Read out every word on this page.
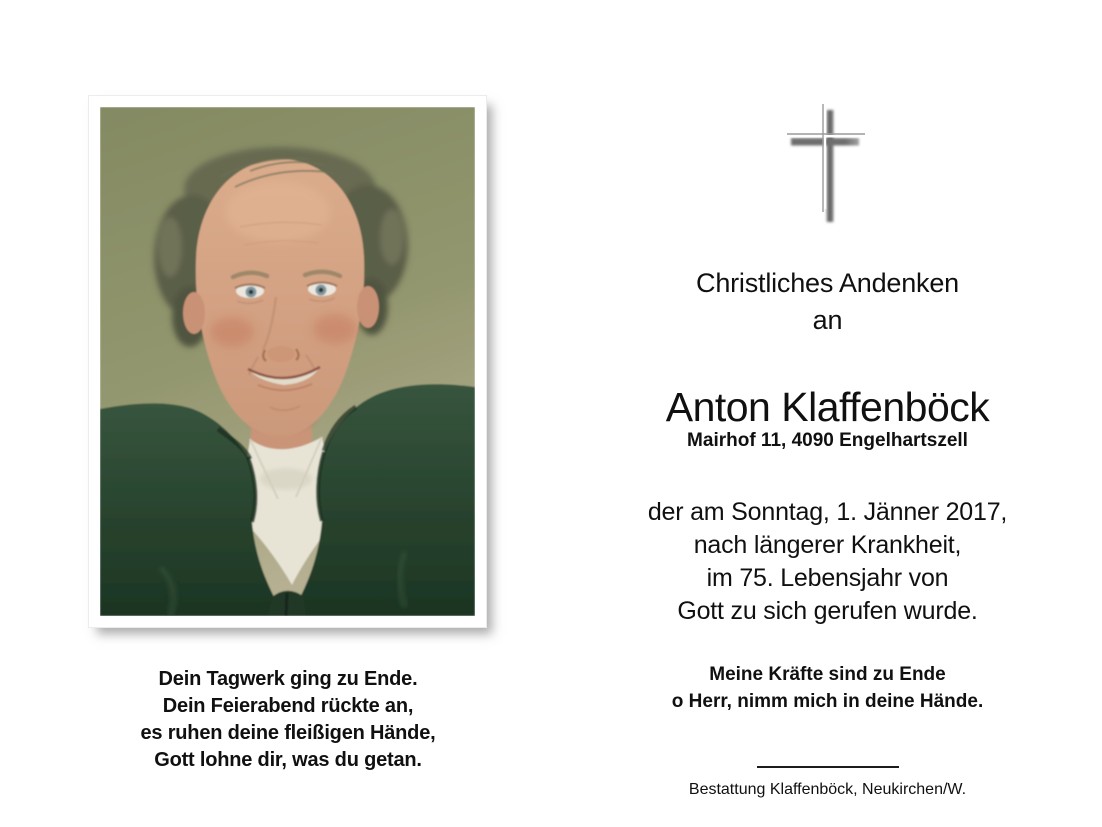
Dein Tagwerk ging zu Ende.
Dein Feierabend rückte an,
es ruhen deine fleißigen Hände,
Gott lohne dir, was du getan.
Christliches Andenken
an
Anton Klaffenböck
Mairhof 11, 4090 Engelhartszell
der am Sonntag, 1. Jänner 2017,
nach längerer Krankheit,
im 75. Lebensjahr von
Gott zu sich gerufen wurde.
Meine Kräfte sind zu Ende
o Herr, nimm mich in deine Hände.
Bestattung Klaffenböck, Neukirchen/W.
